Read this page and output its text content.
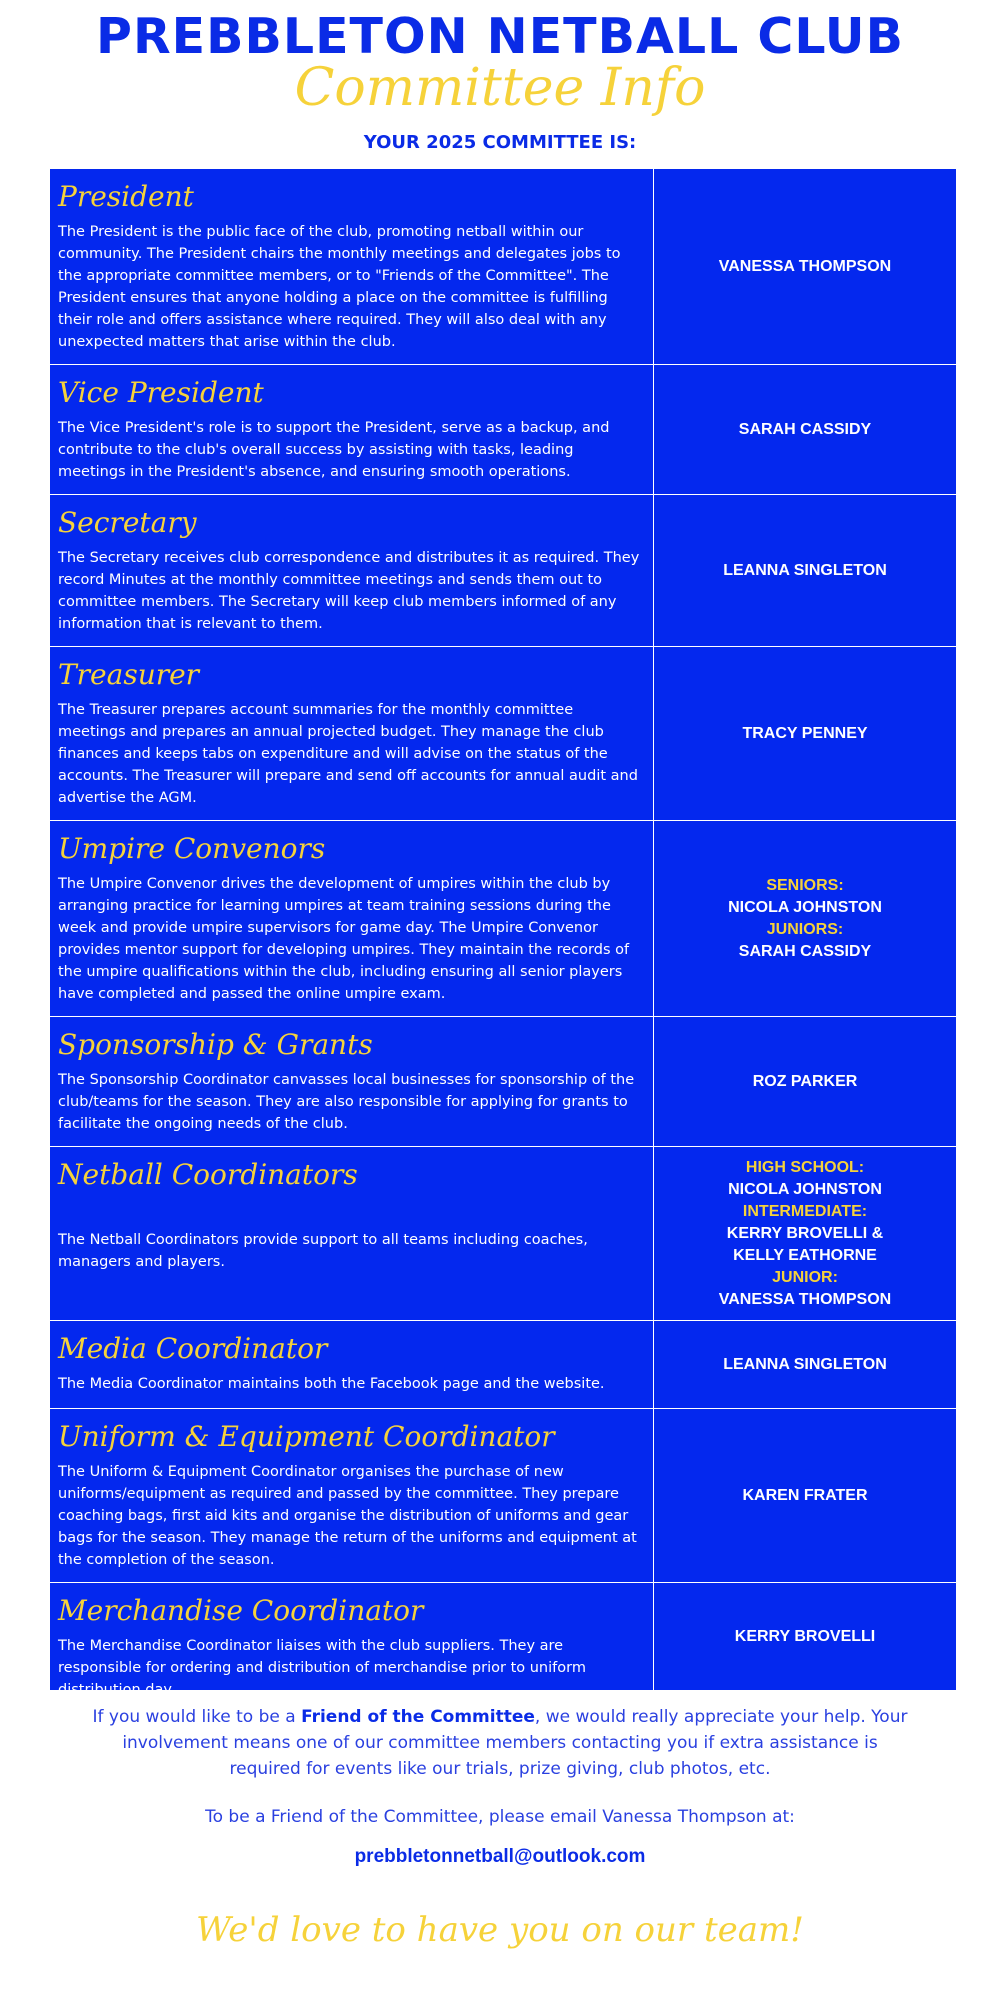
PREBBLETON NETBALL CLUB
Committee Info
YOUR 2025 COMMITTEE IS:
President
The President is the public face of the club, promoting netball within our community. The President chairs the monthly meetings and delegates jobs to the appropriate committee members, or to "Friends of the Committee". The President ensures that anyone holding a place on the committee is fulfilling their role and offers assistance where required. They will also deal with any unexpected matters that arise within the club.
VANESSA THOMPSON
Vice President
The Vice President's role is to support the President, serve as a backup, and contribute to the club's overall success by assisting with tasks, leading meetings in the President's absence, and ensuring smooth operations.
SARAH CASSIDY
Secretary
The Secretary receives club correspondence and distributes it as required. They record Minutes at the monthly committee meetings and sends them out to committee members. The Secretary will keep club members informed of any information that is relevant to them.
LEANNA SINGLETON
Treasurer
The Treasurer prepares account summaries for the monthly committee meetings and prepares an annual projected budget. They manage the club finances and keeps tabs on expenditure and will advise on the status of the accounts. The Treasurer will prepare and send off accounts for annual audit and advertise the AGM.
TRACY PENNEY
Umpire Convenors
The Umpire Convenor drives the development of umpires within the club by arranging practice for learning umpires at team training sessions during the week and provide umpire supervisors for game day. The Umpire Convenor provides mentor support for developing umpires. They maintain the records of the umpire qualifications within the club, including ensuring all senior players have completed and passed the online umpire exam.
SENIORS:
NICOLA JOHNSTON
JUNIORS:
SARAH CASSIDY
Sponsorship & Grants
The Sponsorship Coordinator canvasses local businesses for sponsorship of the club/teams for the season. They are also responsible for applying for grants to facilitate the ongoing needs of the club.
ROZ PARKER
Netball Coordinators
The Netball Coordinators provide support to all teams including coaches, managers and players.
HIGH SCHOOL:
NICOLA JOHNSTON
INTERMEDIATE:
KERRY BROVELLI &
KELLY EATHORNE
JUNIOR:
VANESSA THOMPSON
Media Coordinator
The Media Coordinator maintains both the Facebook page and the website.
LEANNA SINGLETON
Uniform & Equipment Coordinator
The Uniform & Equipment Coordinator organises the purchase of new uniforms/equipment as required and passed by the committee. They prepare coaching bags, first aid kits and organise the distribution of uniforms and gear bags for the season. They manage the return of the uniforms and equipment at the completion of the season.
KAREN FRATER
Merchandise Coordinator
The Merchandise Coordinator liaises with the club suppliers. They are responsible for ordering and distribution of merchandise prior to uniform distribution day.
KERRY BROVELLI
If you would like to be a Friend of the Committee, we would really appreciate your help. Your involvement means one of our committee members contacting you if extra assistance is required for events like our trials, prize giving, club photos, etc.
To be a Friend of the Committee, please email Vanessa Thompson at:
prebbletonnetball@outlook.com
We'd love to have you on our team!
